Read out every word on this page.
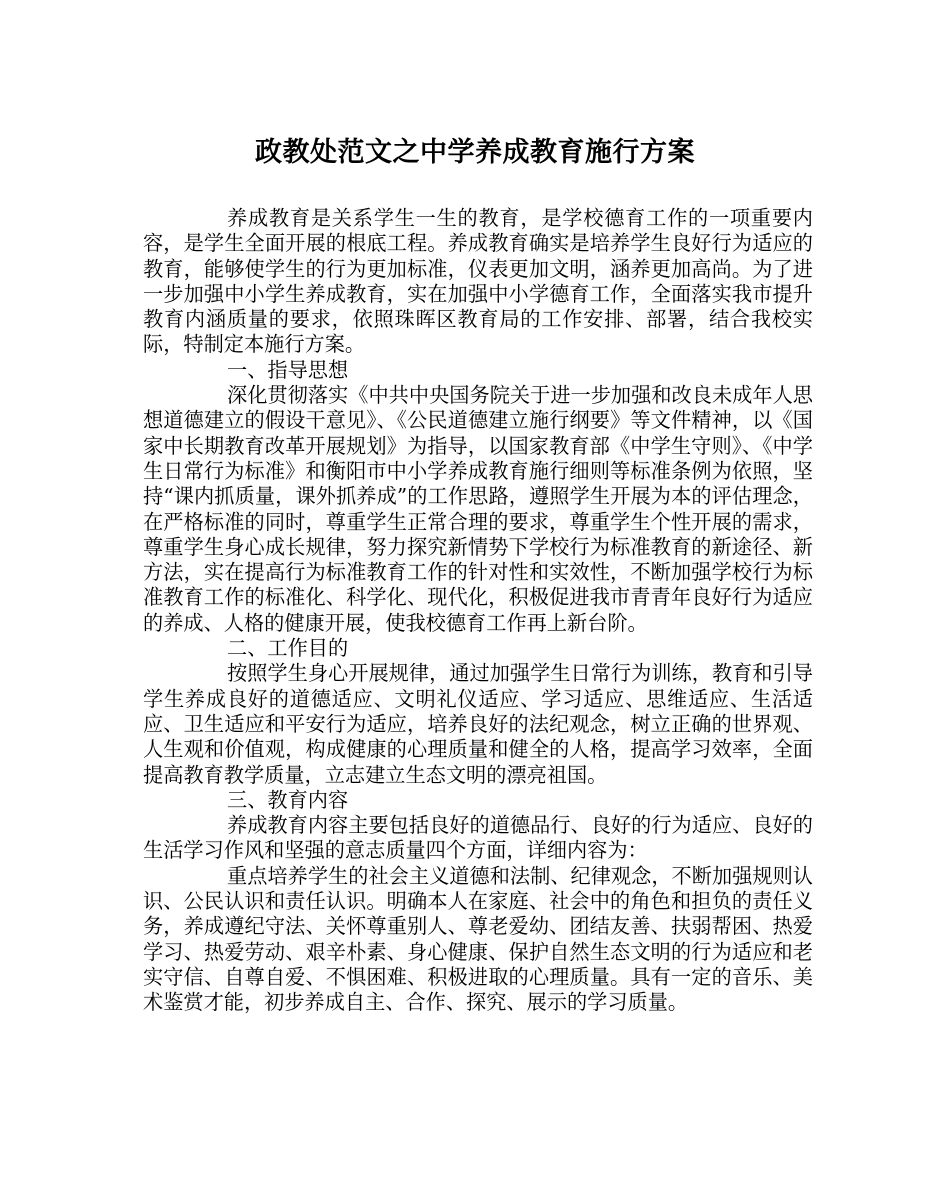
政教处范文之中学养成教育施行方案

养成教育是关系学生一生的教育，是学校德育工作的一项重要内容，是学生全面开展的根底工程。养成教育确实是培养学生良好行为适应的教育，能够使学生的行为更加标准，仪表更加文明，涵养更加高尚。为了进一步加强中小学生养成教育，实在加强中小学德育工作，全面落实我市提升教育内涵质量的要求，依照珠晖区教育局的工作安排、部署，结合我校实际，特制定本施行方案。

一、指导思想

深化贯彻落实《中共中央国务院关于进一步加强和改良未成年人思想道德建立的假设干意见》、《公民道德建立施行纲要》等文件精神，以《国家中长期教育改革开展规划》为指导，以国家教育部《中学生守则》、《中学生日常行为标准》和衡阳市中小学养成教育施行细则等标准条例为依照，坚持“课内抓质量，课外抓养成”的工作思路，遵照学生开展为本的评估理念，在严格标准的同时，尊重学生正常合理的要求，尊重学生个性开展的需求，尊重学生身心成长规律，努力探究新情势下学校行为标准教育的新途径、新方法，实在提高行为标准教育工作的针对性和实效性，不断加强学校行为标准教育工作的标准化、科学化、现代化，积极促进我市青青年良好行为适应的养成、人格的健康开展，使我校德育工作再上新台阶。

二、工作目的

按照学生身心开展规律，通过加强学生日常行为训练，教育和引导学生养成良好的道德适应、文明礼仪适应、学习适应、思维适应、生活适应、卫生适应和平安行为适应，培养良好的法纪观念，树立正确的世界观、人生观和价值观，构成健康的心理质量和健全的人格，提高学习效率，全面提高教育教学质量，立志建立生态文明的漂亮祖国。

三、教育内容

养成教育内容主要包括良好的道德品行、良好的行为适应、良好的生活学习作风和坚强的意志质量四个方面，详细内容为：

重点培养学生的社会主义道德和法制、纪律观念，不断加强规则认识、公民认识和责任认识。明确本人在家庭、社会中的角色和担负的责任义务，养成遵纪守法、关怀尊重别人、尊老爱幼、团结友善、扶弱帮困、热爱学习、热爱劳动、艰辛朴素、身心健康、保护自然生态文明的行为适应和老实守信、自尊自爱、不惧困难、积极进取的心理质量。具有一定的音乐、美术鉴赏才能，初步养成自主、合作、探究、展示的学习质量。
